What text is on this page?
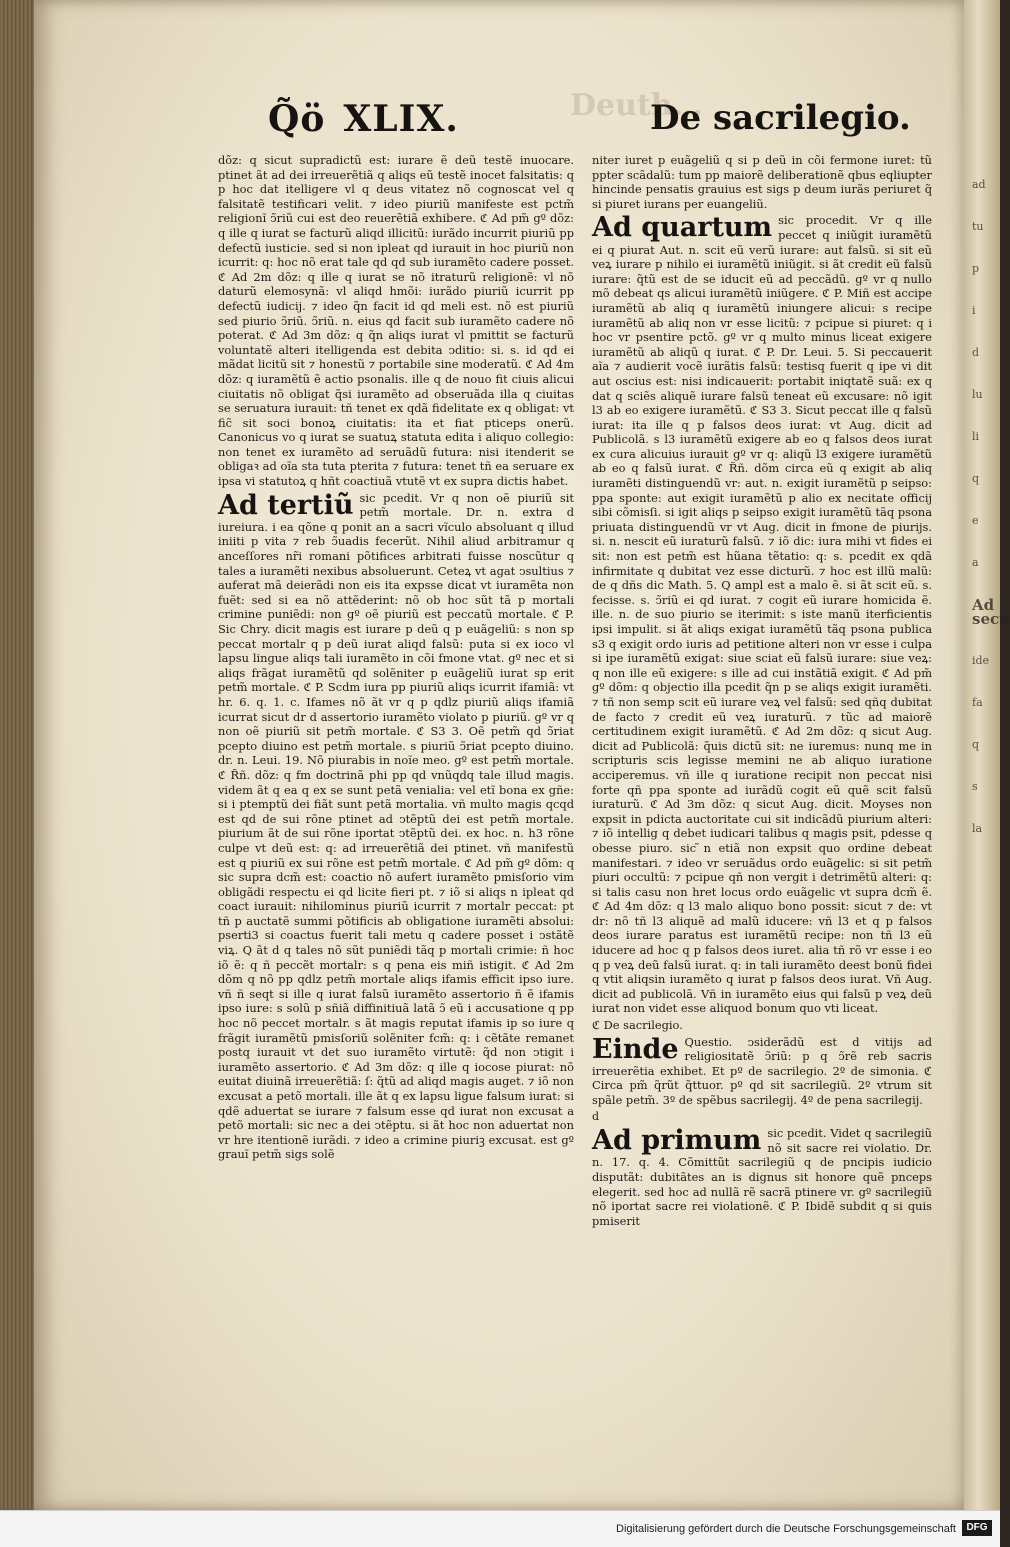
Deuth…
Q̃ö XLIX.	De sacrilegio.

dõz: q sicut supradictũ est: iurare ẽ deũ testẽ inuocare. ptinet ãt ad dei irreuerẽtiã q aliqs eũ testẽ inocet falsitatis: q p hoc dat itelligere vl q deus vitatez nõ cognoscat vel q falsitatẽ testificari velit. ⁊ ideo piuriũ manifeste est pctm̃ religionĩ ↄ̃riũ cui est deo reuerẽtiã exhibere. ℭ Ad pm̃ gº dõz: q ille q iurat se facturũ aliqd illicitũ: iurãdo incurrit piuriũ pp defectũ iusticie. sed si non ipleat qd iurauit in hoc piuriũ non icurrit: q: hoc nõ erat tale qd qd sub iuramẽto cadere posset. ℭ Ad 2m dõz: q ille q iurat se nõ itraturũ religionẽ: vl nõ daturũ elemosynã: vl aliqd hmõi: iurãdo piuriũ icurrit pp defectũ iudicij. ⁊ ideo q̃n facit id qd meli est. nõ est piuriũ sed piurio ↄ̃riũ. ↄ̃riũ. n. eius qd facit sub iuramẽto cadere nõ poterat. ℭ Ad 3m dõz: q q̃n aliqs iurat vl pmittit se facturũ voluntatẽ alteri itelligenda est debita ↄditio: si. s. id qd ei mãdat licitũ sit ⁊ honestũ ⁊ portabile sine moderatũ. ℭ Ad 4m dõz: q iuramẽtũ ẽ actio psonalis. ille q de nouo fit ciuis alicui ciuitatis nõ obligat q̃si iuramẽto ad obseruãda illa q ciuitas se seruatura iurauit: tñ tenet ex qdã fidelitate ex q obligat: vt fic̃ sit soci bonoꝝ ciuitatis: ita et fiat pticeps onerũ. Canonicus vo q iurat se suatuꝝ statuta edita i aliquo collegio: non tenet ex iuramẽto ad seruãdũ futura: nisi itenderit se obligaꝛ ad oĩa sta tuta pterita ⁊ futura: tenet tñ ea seruare ex ipsa vi statutoꝝ q hñt coactiuã vtutẽ vt ex supra dictis habet.

Ad tertiũ sic pcedit. Vr q non oẽ piuriũ sit petm̃ mortale. Dr. n. extra d iureiura. i ea qõne q ponit an a sacri vĩculo absoluant q illud iniiti p vita ⁊ reb ↄ̃uadis fecerũt. Nihil aliud arbitramur q anceſſores nr̃i romani põtifices arbitrati fuisse noscũtur q tales a iuramẽti nexibus absoluerunt. Ceteꝝ vt agat ↄsultius ⁊ auferat mã deierãdi non eis ita expsse dicat vt iuramẽta non fuẽt: sed si ea nõ attẽderint: nõ ob hoc sũt tã p mortali crimine puniẽdi: non gº oẽ piuriũ est peccatũ mortale. ℭ P. Sic Chry. dicit magis est iurare p deũ q p euãgeliũ: s non sp peccat mortalr q p deũ iurat aliqd falsũ: puta si ex ioco vl lapsu lingue aliqs tali iuramẽto in cõi fmone vtat. gº nec et si aliqs frãgat iuramẽtũ qd solẽniter p euãgeliũ iurat sp erit petm̃ mortale. ℭ P. Scdm iura pp piuriũ aliqs icurrit ifamiã: vt hr. 6. q. 1. c. Ifames nõ ãt vr q p qdlz piuriũ aliqs ifamiã icurrat sicut dr d assertorio iuramẽto violato p piuriũ. gº vr q non oẽ piuriũ sit petm̃ mortale. ℭ S3 3. Oẽ petm̃ qd ↄ̃riat pcepto diuino est petm̃ mortale. s piuriũ ↄ̃riat pcepto diuino. dr. n. Leui. 19. Nõ piurabis in noĩe meo. gº est petm̃ mortale. ℭ R̃ñ. dõz: q fm doctrinã phi pp qd vnũqdq tale illud magis. videm ãt q ea q ex se sunt petã venialia: vel etĩ bona ex gñe: si i ptemptũ dei fiãt sunt petã mortalia. vñ multo magis qcqd est qd de sui rõne ptinet ad ↄtẽptũ dei est petm̃ mortale. piurium ãt de sui rõne iportat ↄtẽptũ dei. ex hoc. n. h3 rõne culpe vt deũ est: q: ad irreuerẽtiã dei ptinet. vñ manifestũ est q piuriũ ex sui rõne est petm̃ mortale. ℭ Ad pm̃ gº dõm: q sic supra dcm̃ est: coactio nõ aufert iuramẽto pmisſorio vim obligãdi respectu ei qd licite fieri pt. ⁊ iõ si aliqs n ipleat qd coact iurauit: nihilominus piuriũ icurrit ⁊ mortalr peccat: pt tñ p auctatẽ summi põtificis ab obligatione iuramẽti absolui: pserti3 si coactus fuerit tali metu q cadere posset i ↄstãtẽ viꝝ. Q ãt d q tales nõ sũt puniẽdi tãq p mortali crimie: ñ hoc iõ ẽ: q ñ peccẽt mortalr: s q pena eis miñ istigit. ℭ Ad 2m dõm q nõ pp qdlz petm̃ mortale aliqs ifamis efficit ipso iure. vñ ñ seqt si ille q iurat falsũ iuramẽto assertorio ñ ẽ ifamis ipso iure: s solũ p sñiã diffinitiuã latã ↄ̃ eũ i accusatione q pp hoc nõ peccet mortalr. s ãt magis reputat ifamis ip so iure q frãgit iuramẽtũ pmisſoriũ solẽniter fcm̃: q: i cẽtãte remanet postq iurauit vt det suo iuramẽto virtutẽ: q̃d non ↄtigit i iuramẽto assertorio. ℭ Ad 3m dõz: q ille q iocose piurat: nõ euitat diuinã irreuerẽtiã: ſ: q̃tũ ad aliqd magis auget. ⁊ iõ non excusat a petõ mortali. ille ãt q ex lapsu ligue falsum iurat: si qdẽ aduertat se iurare ⁊ falsum esse qd iurat non excusat a petõ mortali: sic nec a dei ↄtẽptu. si ãt hoc non aduertat non vr hre itentionẽ iurãdi. ⁊ ideo a crimine piuriꝫ excusat. est gº grauĩ petm̃ sigs solẽ

niter iuret p euãgeliũ q si p deũ in cõi fermone iuret: tũ ppter scãdalũ: tum pp maiorẽ deliberationẽ qbus eqliupter hincinde pensatis grauius est sigs p deum iurãs periuret q̃ si piuret iurans per euangeliũ.

Ad quartum sic procedit. Vr q ille peccet q iniũgit iuramẽtũ ei q piurat Aut. n. scit eũ verũ iurare: aut falsũ. si sit eũ veꝝ iurare p nihilo ei iuramẽtũ iniũgit. si ãt credit eũ falsũ iurare: q̃tũ est de se iducit eũ ad peccãdũ. gº vr q nullo mõ debeat qs alicui iuramẽtũ iniũgere. ℭ P. Miñ est accipe iuramẽtũ ab aliq q iuramẽtũ iniungere alicui: s recipe iuramẽtũ ab aliq non vr esse licitũ: ⁊ pcipue si piuret: q i hoc vr psentire pctõ. gº vr q multo minus liceat exigere iuramẽtũ ab aliqũ q iurat. ℭ P. Dr. Leui. 5. Si peccauerit aĩa ⁊ audierit vocẽ iurãtis falsũ: testisq fuerit q ipe vi dit aut oscius est: nisi indicauerit: portabit iniqtatẽ suã: ex q dat q sciẽs aliquẽ iurare falsũ teneat eũ excusare: nõ igit l3 ab eo exigere iuramẽtũ. ℭ S3 3. Sicut peccat ille q falsũ iurat: ita ille q p falsos deos iurat: vt Aug. dicit ad Publicolã. s l3 iuramẽtũ exigere ab eo q falsos deos iurat ex cura alicuius iurauit gº vr q: aliqũ l3 exigere iuramẽtũ ab eo q falsũ iurat. ℭ R̃ñ. dõm circa eũ q exigit ab aliq iuramẽti distinguendũ vr: aut. n. exigit iuramẽtũ p seipso: ppa sponte: aut exigit iuramẽtũ p alio ex necitate officij sibi cõmisſi. si igit aliqs p seipso exigit iuramẽtũ tãq psona priuata distinguendũ vr vt Aug. dicit in fmone de piurijs. si. n. nescit eũ iuraturũ falsũ. ⁊ iõ dic: iura mihi vt fides ei sit: non est petm̃ est hũana tẽtatio: q: s. pcedit ex qdã infirmitate q dubitat vez esse dicturũ. ⁊ hoc est illũ malũ: de q dñs dic Math. 5. Q ampl est a malo ẽ. si ãt scit eũ. s. fecisse. s. ↄ̃riũ ei qd iurat. ⁊ cogit eũ iurare homicida ẽ. ille. n. de suo piurio se iterimit: s iste manũ iterficientis ipsi impulit. si ãt aliqs exigat iuramẽtũ tãq psona publica s3 q exigit ordo iuris ad petitione alteri non vr esse i culpa si ipe iuramẽtũ exigat: siue sciat eũ falsũ iurare: siue veꝝ: q non ille eũ exigere: s ille ad cui instãtiã exigit. ℭ Ad pm̃ gº dõm: q objectio illa pcedit q̃n p se aliqs exigit iuramẽti. ⁊ tñ non semp scit eũ iurare veꝝ vel falsũ: sed qñq dubitat de facto ⁊ credit eũ veꝝ iuraturũ. ⁊ tũc ad maiorẽ certitudinem exigit iuramẽtũ. ℭ Ad 2m dõz: q sicut Aug. dicit ad Publicolã: q̃uis dictũ sit: ne iuremus: nunq me in scripturis scis legisse memini ne ab aliquo iuratione acciperemus. vñ ille q iuratione recipit non peccat nisi forte qñ ppa sponte ad iurãdũ cogit eũ quẽ scit falsũ iuraturũ. ℭ Ad 3m dõz: q sicut Aug. dicit. Moyses non expsit in pdicta auctoritate cui sit indicãdũ piurium alteri: ⁊ iõ intellig q debet iudicari talibus q magis psit, pdesse q obesse piuro. sic ̃n etiã non expsit quo ordine debeat manifestari. ⁊ ideo vr seruãdus ordo euãgelic: si sit petm̃ piuri occultũ: ⁊ pcipue qñ non vergit i detrimẽtũ alteri: q: si talis casu non hret locus ordo euãgelic vt supra dcm̃ ẽ. ℭ Ad 4m dõz: q l3 malo aliquo bono possit: sicut ⁊ de: vt dr: nõ tñ l3 aliquẽ ad malũ iducere: vñ l3 et q p falsos deos iurare paratus est iuramẽtũ recipe: non tñ l3 eũ iducere ad hoc q p falsos deos iuret. alia tñ rõ vr esse i eo q p veꝝ deũ falsũ iurat. q: in tali iuramẽto deest bonũ fidei q vtit aliqsin iuramẽto q iurat p falsos deos iurat. Vñ Aug. dicit ad publicolã. Vñ in iuramẽto eius qui falsũ p veꝝ deũ iurat non videt esse aliquod bonum quo vti liceat.

ℭ De sacrilegio.

Einde Questio. ↄsiderãdũ est d vitijs ad religiositatẽ ↄ̃riũ: p q ↄ̃rẽ reb sacris irreuerẽtia exhibet. Et pº de sacrilegio. 2º de simonia. ℭ Circa pm̃ q̃rũt q̃ttuor. pº qd sit sacrilegiũ. 2º vtrum sit spãle petm̃. 3º de spẽbus sacrilegij. 4º de pena sacrilegij.

d

Ad primum sic pcedit. Videt q sacrilegiũ nõ sit sacre rei violatio. Dr. n. 17. q. 4. Cõmittũt sacrilegiũ q de pncipis iudicio disputãt: dubitãtes an is dignus sit honore quẽ pnceps elegerit. sed hoc ad nullã rẽ sacrã ptinere vr. gº sacrilegiũ nõ iportat sacre rei violationẽ. ℭ P. Ibidẽ subdit q si quis pmiserit

ad
tu
p
i
d
lu
li
q
e
a
Ad secu
ide
fa
q
s
la
Digitalisierung gefördert durch die Deutsche Forschungsgemeinschaft	DFG
